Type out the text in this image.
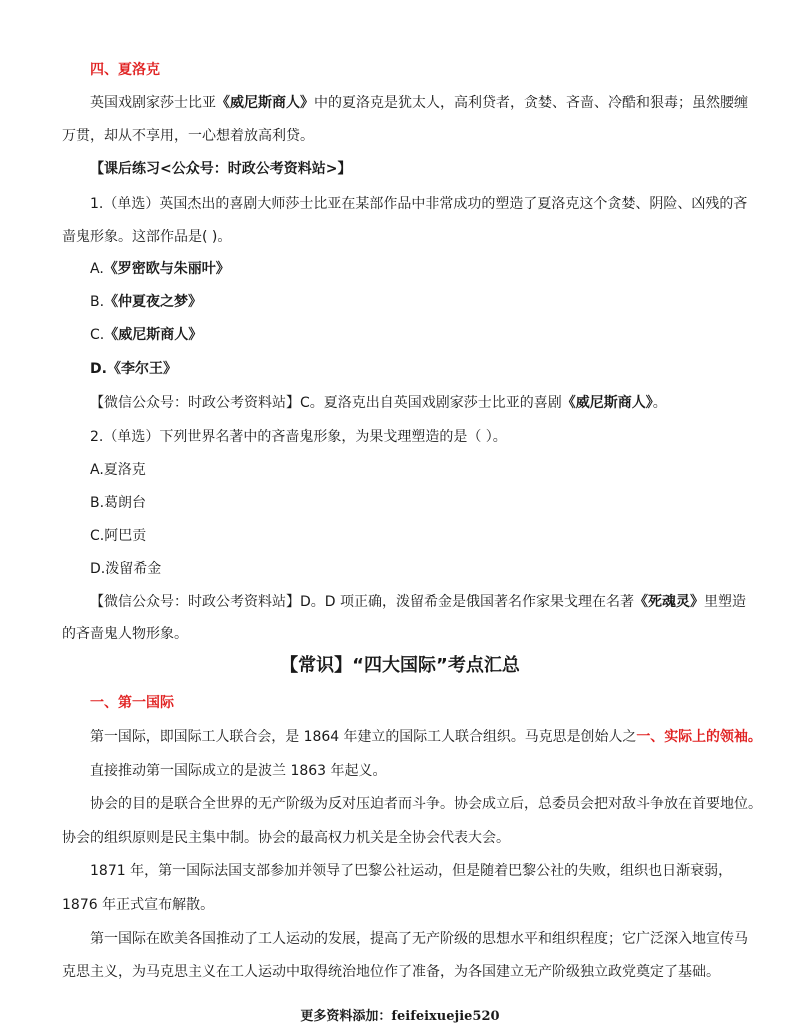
四、夏洛克
英国戏剧家莎士比亚《威尼斯商人》中的夏洛克是犹太人，高利贷者，贪婪、吝啬、冷酷和狠毒；虽然腰缠
万贯，却从不享用，一心想着放高利贷。
【课后练习<公众号：时政公考资料站>】
1.（单选）英国杰出的喜剧大师莎士比亚在某部作品中非常成功的塑造了夏洛克这个贪婪、阴险、凶残的吝
啬鬼形象。这部作品是( )。
A.《罗密欧与朱丽叶》
B.《仲夏夜之梦》
C.《威尼斯商人》
D.《李尔王》
【微信公众号：时政公考资料站】C。夏洛克出自英国戏剧家莎士比亚的喜剧《威尼斯商人》。
2.（单选）下列世界名著中的吝啬鬼形象，为果戈理塑造的是（ ）。
A.夏洛克
B.葛朗台
C.阿巴贡
D.泼留希金
【微信公众号：时政公考资料站】D。D 项正确，泼留希金是俄国著名作家果戈理在名著《死魂灵》里塑造
的吝啬鬼人物形象。
【常识】“四大国际”考点汇总
一、第一国际
第一国际，即国际工人联合会，是 1864 年建立的国际工人联合组织。马克思是创始人之一、实际上的领袖。
直接推动第一国际成立的是波兰 1863 年起义。
协会的目的是联合全世界的无产阶级为反对压迫者而斗争。协会成立后，总委员会把对敌斗争放在首要地位。
协会的组织原则是民主集中制。协会的最高权力机关是全协会代表大会。
1871 年，第一国际法国支部参加并领导了巴黎公社运动，但是随着巴黎公社的失败，组织也日渐衰弱，
1876 年正式宣布解散。
第一国际在欧美各国推动了工人运动的发展，提高了无产阶级的思想水平和组织程度；它广泛深入地宣传马
克思主义，为马克思主义在工人运动中取得统治地位作了准备，为各国建立无产阶级独立政党奠定了基础。
更多资料添加：feifeixuejie520
